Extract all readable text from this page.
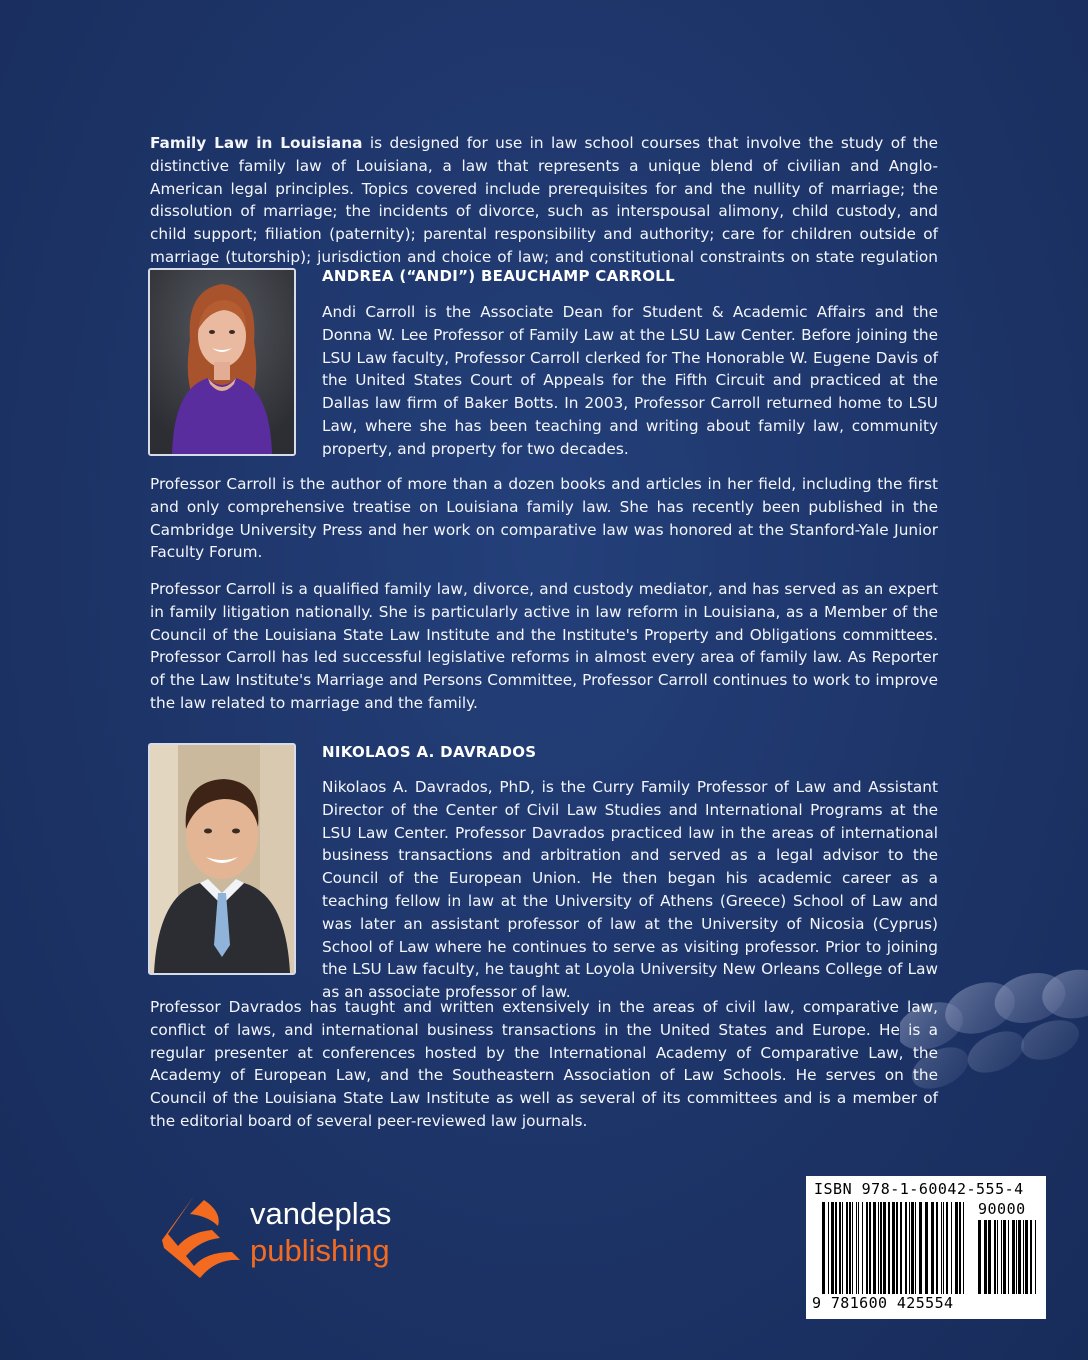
Family Law in Louisiana is designed for use in law school courses that involve the study of the distinctive family law of Louisiana, a law that represents a unique blend of civilian and Anglo-American legal principles. Topics covered include prerequisites for and the nullity of marriage; the dissolution of marriage; the incidents of divorce, such as interspousal alimony, child custody, and child support; filiation (paternity); parental responsibility and authority; care for children outside of marriage (tutorship); jurisdiction and choice of law; and constitutional constraints on state regulation

ANDREA (“ANDI”) BEAUCHAMP CARROLL

Andi Carroll is the Associate Dean for Student & Academic Affairs and the Donna W. Lee Professor of Family Law at the LSU Law Center. Before joining the LSU Law faculty, Professor Carroll clerked for The Honorable W. Eugene Davis of the United States Court of Appeals for the Fifth Circuit and practiced at the Dallas law firm of Baker Botts. In 2003, Professor Carroll returned home to LSU Law, where she has been teaching and writing about family law, community property, and property for two decades.

Professor Carroll is the author of more than a dozen books and articles in her field, including the first and only comprehensive treatise on Louisiana family law. She has recently been published in the Cambridge University Press and her work on comparative law was honored at the Stanford-Yale Junior Faculty Forum.

Professor Carroll is a qualified family law, divorce, and custody mediator, and has served as an expert in family litigation nationally. She is particularly active in law reform in Louisiana, as a Member of the Council of the Louisiana State Law Institute and the Institute's Property and Obligations committees. Professor Carroll has led successful legislative reforms in almost every area of family law. As Reporter of the Law Institute's Marriage and Persons Committee, Professor Carroll continues to work to improve the law related to marriage and the family.

NIKOLAOS A. DAVRADOS

Nikolaos A. Davrados, PhD, is the Curry Family Professor of Law and Assistant Director of the Center of Civil Law Studies and International Programs at the LSU Law Center. Professor Davrados practiced law in the areas of international business transactions and arbitration and served as a legal advisor to the Council of the European Union. He then began his academic career as a teaching fellow in law at the University of Athens (Greece) School of Law and was later an assistant professor of law at the University of Nicosia (Cyprus) School of Law where he continues to serve as visiting professor. Prior to joining the LSU Law faculty, he taught at Loyola University New Orleans College of Law as an associate professor of law.

Professor Davrados has taught and written extensively in the areas of civil law, comparative law, conflict of laws, and international business transactions in the United States and Europe. He is a regular presenter at conferences hosted by the International Academy of Comparative Law, the Academy of European Law, and the Southeastern Association of Law Schools. He serves on the Council of the Louisiana State Law Institute as well as several of its committees and is a member of the editorial board of several peer-reviewed law journals.

vandeplas
publishing
ISBN 978-1-60042-555-4
90000
9 781600 425554
